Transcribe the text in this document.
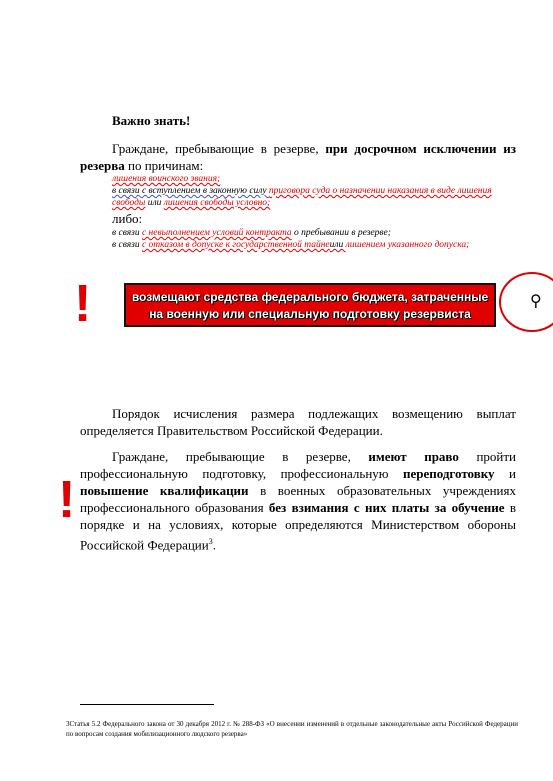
Важно знать!
Граждане, пребывающие в резерве, при досрочном исключении из резерва по причинам:
лишения воинского звания;
в связи с вступлением в законную силу приговора суда о назначении наказания в виде лишения свободы или лишения свободы условно;
либо:
в связи с невыполнением условий контракта о пребывании в резерве;
в связи с отказом в допуске к государственной тайнеили лишением указанного допуска;
!	возмещают средства федерального бюджета, затраченные
на военную или специальную подготовку резервиста
⚲
Порядок исчисления размера подлежащих возмещению выплат определяется Правительством Российской Федерации.
!
Граждане, пребывающие в резерве, имеют право пройти профессиональную подготовку, профессиональную переподготовку и повышение квалификации в военных образовательных учреждениях профессионального образования без взимания с них платы за обучение в порядке и на условиях, которые определяются Министерством обороны Российской Федерации$^3$.
3Статья 5.2 Федерального закона от 30 декабря 2012 г. № 288-ФЗ «О внесении изменений в отдельные законодательные акты Российской Федерации по вопросам создания мобилизационного людского резерва»
